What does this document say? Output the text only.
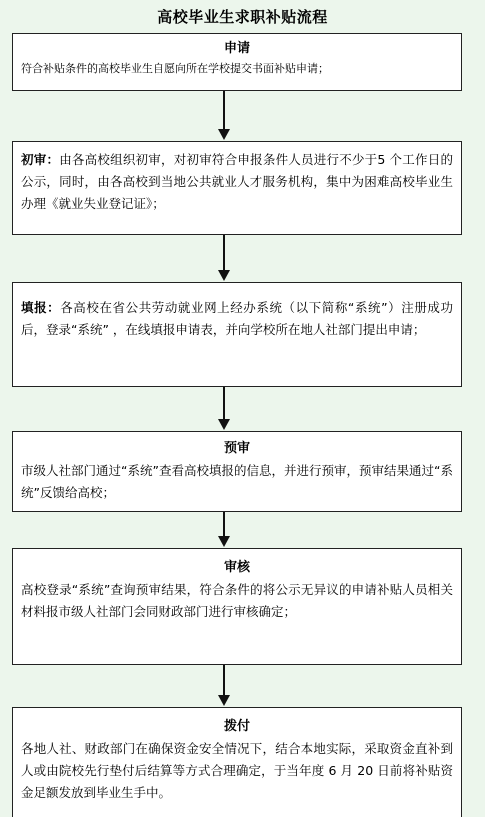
高校毕业生求职补贴流程
申请
符合补贴条件的高校毕业生自愿向所在学校提交书面补贴申请；
初审：由各高校组织初审，对初审符合申报条件人员进行不少于5 个工作日的公示，同时，由各高校到当地公共就业人才服务机构，集中为困难高校毕业生办理《就业失业登记证》；
填报：各高校在省公共劳动就业网上经办系统（以下简称“系统”）注册成功后，登录“系统” ，在线填报申请表，并向学校所在地人社部门提出申请；
预审
市级人社部门通过“系统”查看高校填报的信息，并进行预审，预审结果通过“系统”反馈给高校；
审核
高校登录“系统”查询预审结果，符合条件的将公示无异议的申请补贴人员相关材料报市级人社部门会同财政部门进行审核确定；
拨付
各地人社、财政部门在确保资金安全情况下，结合本地实际，采取资金直补到人或由院校先行垫付后结算等方式合理确定，于当年度 6 月 20 日前将补贴资金足额发放到毕业生手中。
